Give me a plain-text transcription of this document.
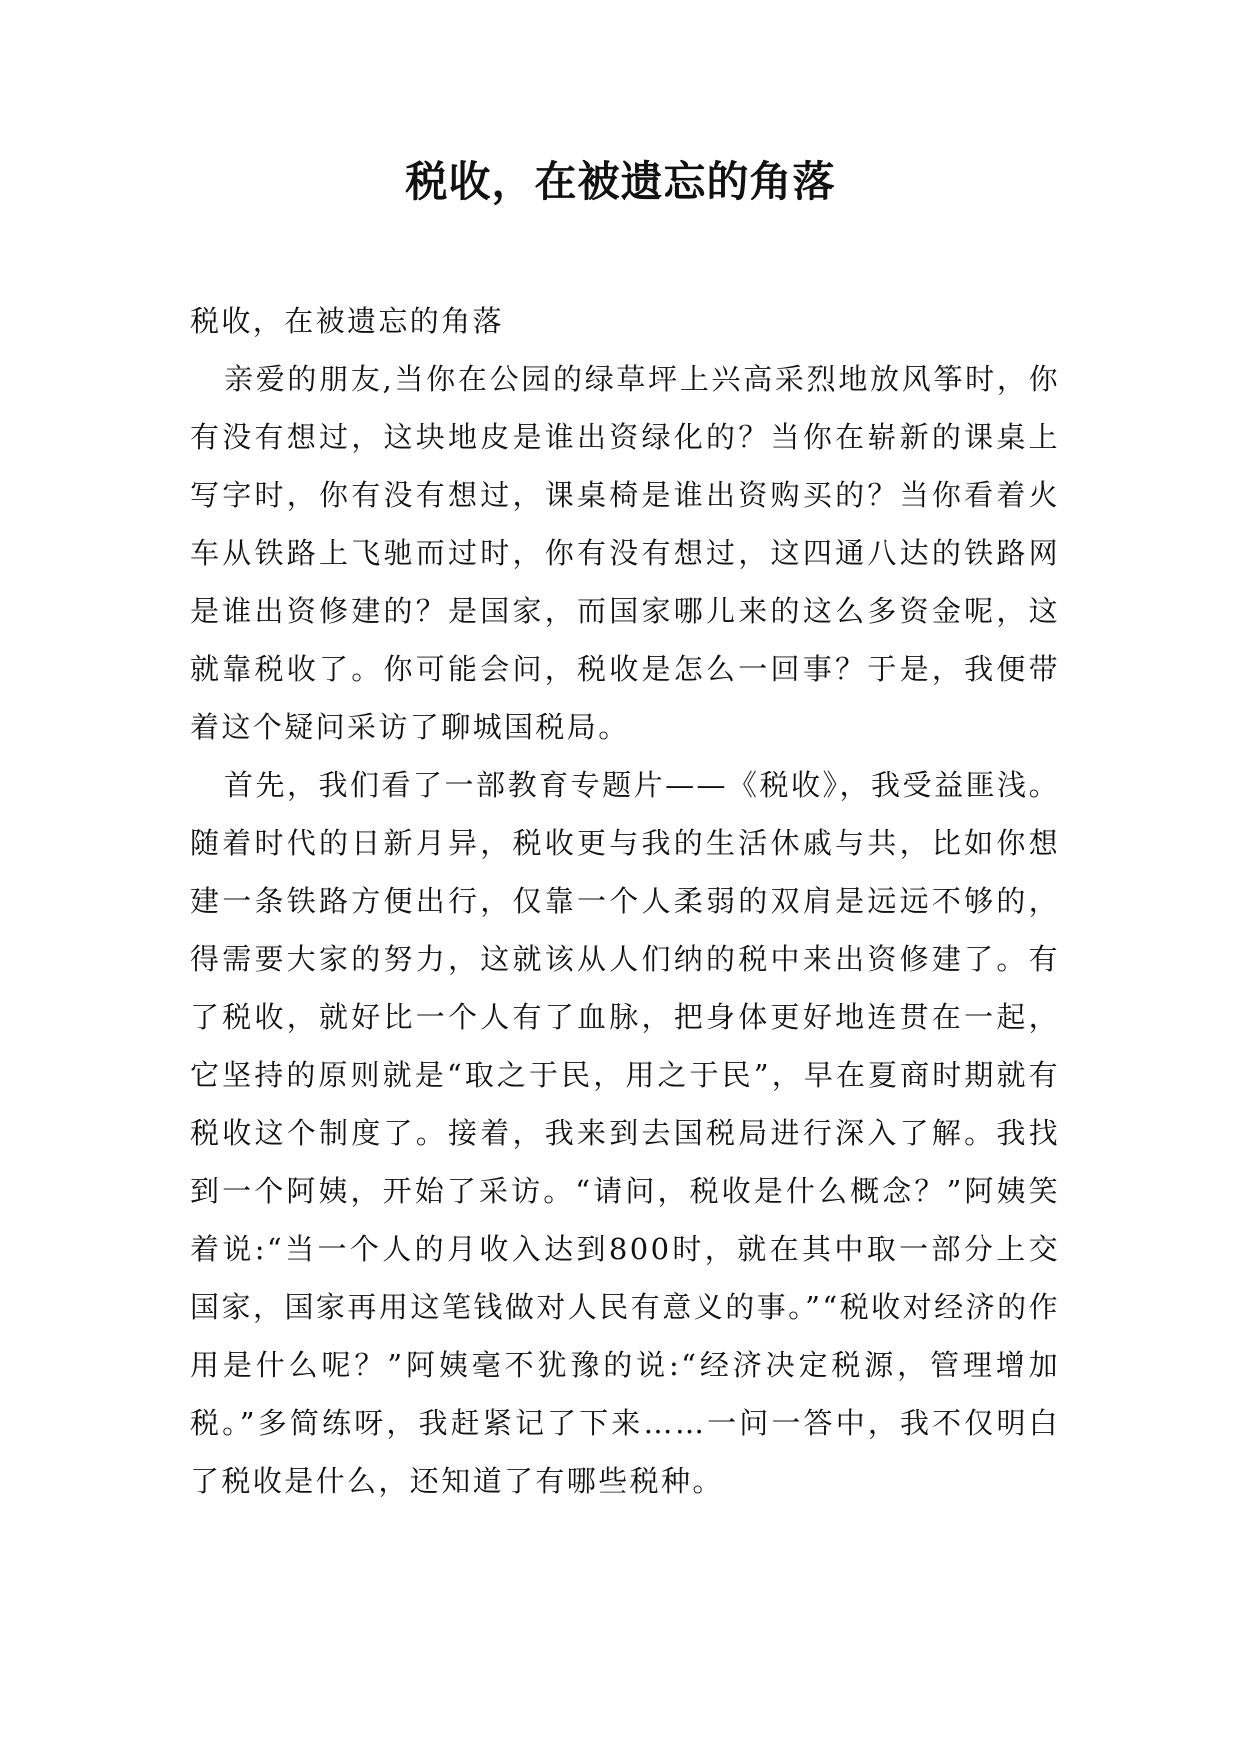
税收，在被遗忘的角落

税收，在被遗忘的角落

亲爱的朋友,当你在公园的绿草坪上兴高采烈地放风筝时，你有没有想过，这块地皮是谁出资绿化的？当你在崭新的课桌上写字时，你有没有想过，课桌椅是谁出资购买的？当你看着火车从铁路上飞驰而过时，你有没有想过，这四通八达的铁路网是谁出资修建的？是国家，而国家哪儿来的这么多资金呢，这就靠税收了。你可能会问，税收是怎么一回事？于是，我便带着这个疑问采访了聊城国税局。

首先，我们看了一部教育专题片——《税收》，我受益匪浅。随着时代的日新月异，税收更与我的生活休戚与共，比如你想建一条铁路方便出行，仅靠一个人柔弱的双肩是远远不够的，得需要大家的努力，这就该从人们纳的税中来出资修建了。有了税收，就好比一个人有了血脉，把身体更好地连贯在一起，它坚持的原则就是“取之于民，用之于民”，早在夏商时期就有税收这个制度了。接着，我来到去国税局进行深入了解。我找到一个阿姨，开始了采访。“请问，税收是什么概念？”阿姨笑着说:“当一个人的月收入达到800时，就在其中取一部分上交国家，国家再用这笔钱做对人民有意义的事。”“税收对经济的作用是什么呢？”阿姨毫不犹豫的说:“经济决定税源，管理增加税。”多简练呀，我赶紧记了下来……一问一答中，我不仅明白了税收是什么，还知道了有哪些税种。
